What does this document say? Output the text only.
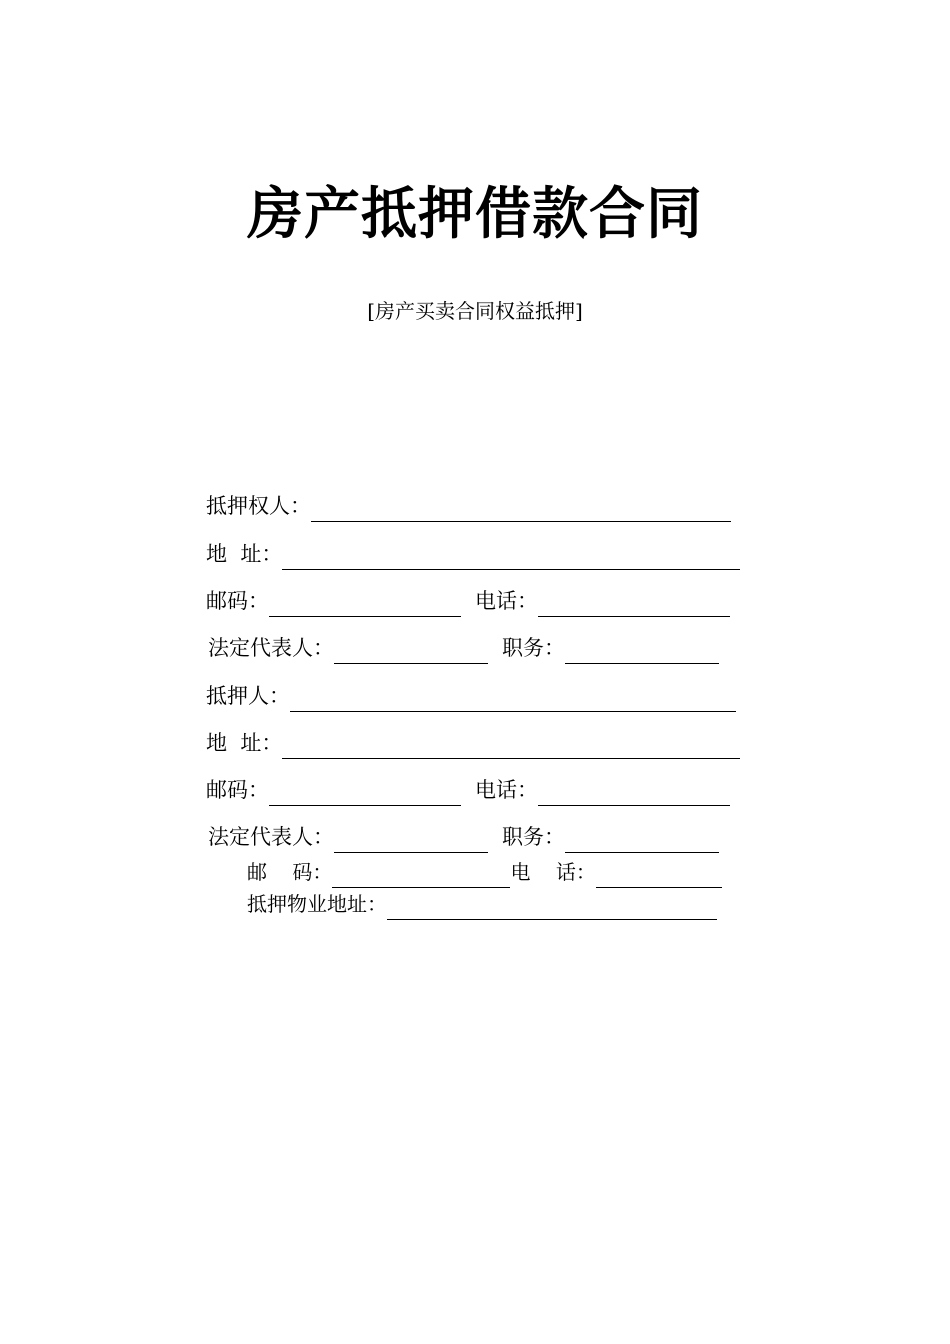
房产抵押借款合同
[房产买卖合同权益抵押]
抵押权人：
地  址：
邮码：	电话：
法定代表人：	职务：
抵押人：
地  址：
邮码：	电话：
法定代表人：	职务：
邮    码：	电    话：
抵押物业地址：
